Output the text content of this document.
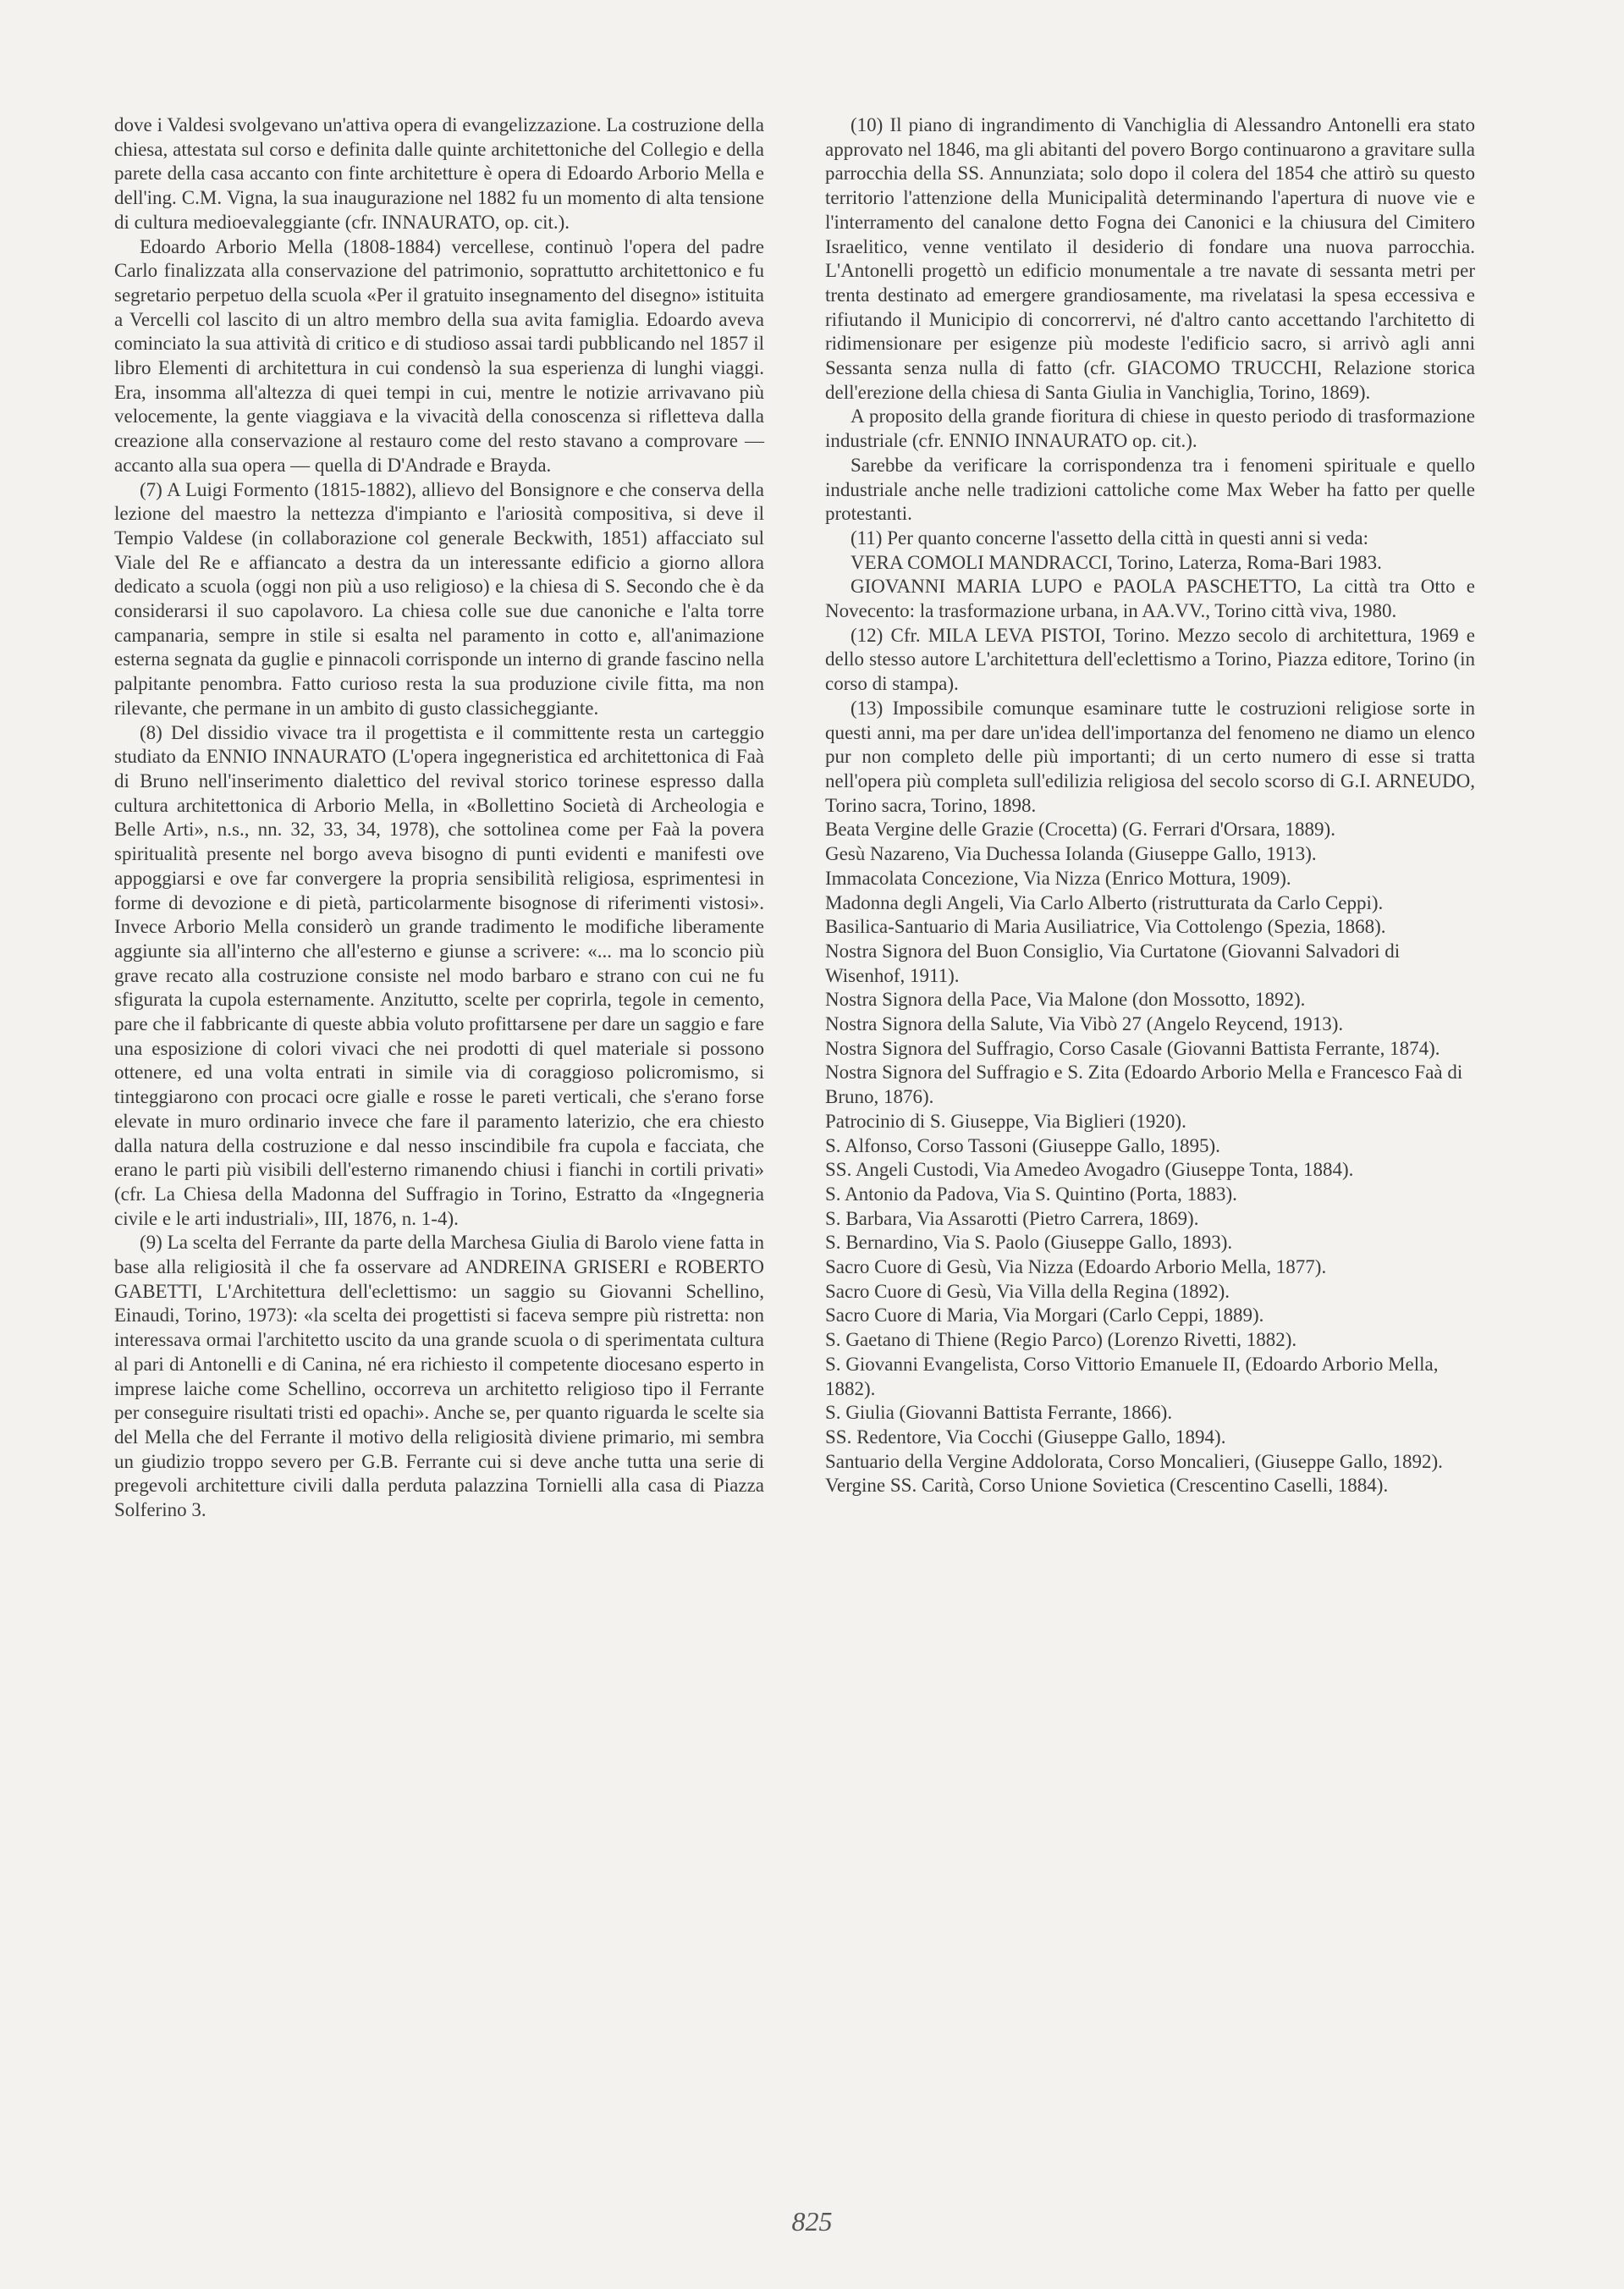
dove i Valdesi svolgevano un'attiva opera di evangelizzazione. La costruzione della chiesa, attestata sul corso e definita dalle quinte architettoniche del Collegio e della parete della casa accanto con finte architetture è opera di Edoardo Arborio Mella e dell'ing. C.M. Vigna, la sua inaugurazione nel 1882 fu un momento di alta tensione di cultura medioevaleggiante (cfr. INNAURATO, op. cit.).

Edoardo Arborio Mella (1808-1884) vercellese, continuò l'opera del padre Carlo finalizzata alla conservazione del patrimonio, soprattutto architettonico e fu segretario perpetuo della scuola «Per il gratuito insegnamento del disegno» istituita a Vercelli col lascito di un altro membro della sua avita famiglia. Edoardo aveva cominciato la sua attività di critico e di studioso assai tardi pubblicando nel 1857 il libro Elementi di architettura in cui condensò la sua esperienza di lunghi viaggi. Era, insomma all'altezza di quei tempi in cui, mentre le notizie arrivavano più velocemente, la gente viaggiava e la vivacità della conoscenza si rifletteva dalla creazione alla conservazione al restauro come del resto stavano a comprovare — accanto alla sua opera — quella di D'Andrade e Brayda.

(7) A Luigi Formento (1815-1882), allievo del Bonsignore e che conserva della lezione del maestro la nettezza d'impianto e l'ariosità compositiva, si deve il Tempio Valdese (in collaborazione col generale Beckwith, 1851) affacciato sul Viale del Re e affiancato a destra da un interessante edificio a giorno allora dedicato a scuola (oggi non più a uso religioso) e la chiesa di S. Secondo che è da considerarsi il suo capolavoro. La chiesa colle sue due canoniche e l'alta torre campanaria, sempre in stile si esalta nel paramento in cotto e, all'animazione esterna segnata da guglie e pinnacoli corrisponde un interno di grande fascino nella palpitante penombra. Fatto curioso resta la sua produzione civile fitta, ma non rilevante, che permane in un ambito di gusto classicheggiante.

(8) Del dissidio vivace tra il progettista e il committente resta un carteggio studiato da ENNIO INNAURATO (L'opera ingegneristica ed architettonica di Faà di Bruno nell'inserimento dialettico del revival storico torinese espresso dalla cultura architettonica di Arborio Mella, in «Bollettino Società di Archeologia e Belle Arti», n.s., nn. 32, 33, 34, 1978), che sottolinea come per Faà la povera spiritualità presente nel borgo aveva bisogno di punti evidenti e manifesti ove appoggiarsi e ove far convergere la propria sensibilità religiosa, esprimentesi in forme di devozione e di pietà, particolarmente bisognose di riferimenti vistosi». Invece Arborio Mella considerò un grande tradimento le modifiche liberamente aggiunte sia all'interno che all'esterno e giunse a scrivere: «... ma lo sconcio più grave recato alla costruzione consiste nel modo barbaro e strano con cui ne fu sfigurata la cupola esternamente. Anzitutto, scelte per coprirla, tegole in cemento, pare che il fabbricante di queste abbia voluto profittarsene per dare un saggio e fare una esposizione di colori vivaci che nei prodotti di quel materiale si possono ottenere, ed una volta entrati in simile via di coraggioso policromismo, si tinteggiarono con procaci ocre gialle e rosse le pareti verticali, che s'erano forse elevate in muro ordinario invece che fare il paramento laterizio, che era chiesto dalla natura della costruzione e dal nesso inscindibile fra cupola e facciata, che erano le parti più visibili dell'esterno rimanendo chiusi i fianchi in cortili privati» (cfr. La Chiesa della Madonna del Suffragio in Torino, Estratto da «Ingegneria civile e le arti industriali», III, 1876, n. 1-4).

(9) La scelta del Ferrante da parte della Marchesa Giulia di Barolo viene fatta in base alla religiosità il che fa osservare ad ANDREINA GRISERI e ROBERTO GABETTI, L'Architettura dell'eclettismo: un saggio su Giovanni Schellino, Einaudi, Torino, 1973): «la scelta dei progettisti si faceva sempre più ristretta: non interessava ormai l'architetto uscito da una grande scuola o di sperimentata cultura al pari di Antonelli e di Canina, né era richiesto il competente diocesano esperto in imprese laiche come Schellino, occorreva un architetto religioso tipo il Ferrante per conseguire risultati tristi ed opachi». Anche se, per quanto riguarda le scelte sia del Mella che del Ferrante il motivo della religiosità diviene primario, mi sembra un giudizio troppo severo per G.B. Ferrante cui si deve anche tutta una serie di pregevoli architetture civili dalla perduta palazzina Tornielli alla casa di Piazza Solferino 3.

(10) Il piano di ingrandimento di Vanchiglia di Alessandro Antonelli era stato approvato nel 1846, ma gli abitanti del povero Borgo continuarono a gravitare sulla parrocchia della SS. Annunziata; solo dopo il colera del 1854 che attirò su questo territorio l'attenzione della Municipalità determinando l'apertura di nuove vie e l'interramento del canalone detto Fogna dei Canonici e la chiusura del Cimitero Israelitico, venne ventilato il desiderio di fondare una nuova parrocchia. L'Antonelli progettò un edificio monumentale a tre navate di sessanta metri per trenta destinato ad emergere grandiosamente, ma rivelatasi la spesa eccessiva e rifiutando il Municipio di concorrervi, né d'altro canto accettando l'architetto di ridimensionare per esigenze più modeste l'edificio sacro, si arrivò agli anni Sessanta senza nulla di fatto (cfr. GIACOMO TRUCCHI, Relazione storica dell'erezione della chiesa di Santa Giulia in Vanchiglia, Torino, 1869).

A proposito della grande fioritura di chiese in questo periodo di trasformazione industriale (cfr. ENNIO INNAURATO op. cit.).

Sarebbe da verificare la corrispondenza tra i fenomeni spirituale e quello industriale anche nelle tradizioni cattoliche come Max Weber ha fatto per quelle protestanti.

(11) Per quanto concerne l'assetto della città in questi anni si veda:

VERA COMOLI MANDRACCI, Torino, Laterza, Roma-Bari 1983.

GIOVANNI MARIA LUPO e PAOLA PASCHETTO, La città tra Otto e Novecento: la trasformazione urbana, in AA.VV., Torino città viva, 1980.

(12) Cfr. MILA LEVA PISTOI, Torino. Mezzo secolo di architettura, 1969 e dello stesso autore L'architettura dell'eclettismo a Torino, Piazza editore, Torino (in corso di stampa).

(13) Impossibile comunque esaminare tutte le costruzioni religiose sorte in questi anni, ma per dare un'idea dell'importanza del fenomeno ne diamo un elenco pur non completo delle più importanti; di un certo numero di esse si tratta nell'opera più completa sull'edilizia religiosa del secolo scorso di G.I. ARNEUDO, Torino sacra, Torino, 1898.

Beata Vergine delle Grazie (Crocetta) (G. Ferrari d'Orsara, 1889).

Gesù Nazareno, Via Duchessa Iolanda (Giuseppe Gallo, 1913).

Immacolata Concezione, Via Nizza (Enrico Mottura, 1909).

Madonna degli Angeli, Via Carlo Alberto (ristrutturata da Carlo Ceppi).

Basilica-Santuario di Maria Ausiliatrice, Via Cottolengo (Spezia, 1868).

Nostra Signora del Buon Consiglio, Via Curtatone (Giovanni Salvadori di Wisenhof, 1911).

Nostra Signora della Pace, Via Malone (don Mossotto, 1892).

Nostra Signora della Salute, Via Vibò 27 (Angelo Reycend, 1913).

Nostra Signora del Suffragio, Corso Casale (Giovanni Battista Ferrante, 1874).

Nostra Signora del Suffragio e S. Zita (Edoardo Arborio Mella e Francesco Faà di Bruno, 1876).

Patrocinio di S. Giuseppe, Via Biglieri (1920).

S. Alfonso, Corso Tassoni (Giuseppe Gallo, 1895).

SS. Angeli Custodi, Via Amedeo Avogadro (Giuseppe Tonta, 1884).

S. Antonio da Padova, Via S. Quintino (Porta, 1883).

S. Barbara, Via Assarotti (Pietro Carrera, 1869).

S. Bernardino, Via S. Paolo (Giuseppe Gallo, 1893).

Sacro Cuore di Gesù, Via Nizza (Edoardo Arborio Mella, 1877).

Sacro Cuore di Gesù, Via Villa della Regina (1892).

Sacro Cuore di Maria, Via Morgari (Carlo Ceppi, 1889).

S. Gaetano di Thiene (Regio Parco) (Lorenzo Rivetti, 1882).

S. Giovanni Evangelista, Corso Vittorio Emanuele II, (Edoardo Arborio Mella, 1882).

S. Giulia (Giovanni Battista Ferrante, 1866).

SS. Redentore, Via Cocchi (Giuseppe Gallo, 1894).

Santuario della Vergine Addolorata, Corso Moncalieri, (Giuseppe Gallo, 1892).

Vergine SS. Carità, Corso Unione Sovietica (Crescentino Caselli, 1884).

825
